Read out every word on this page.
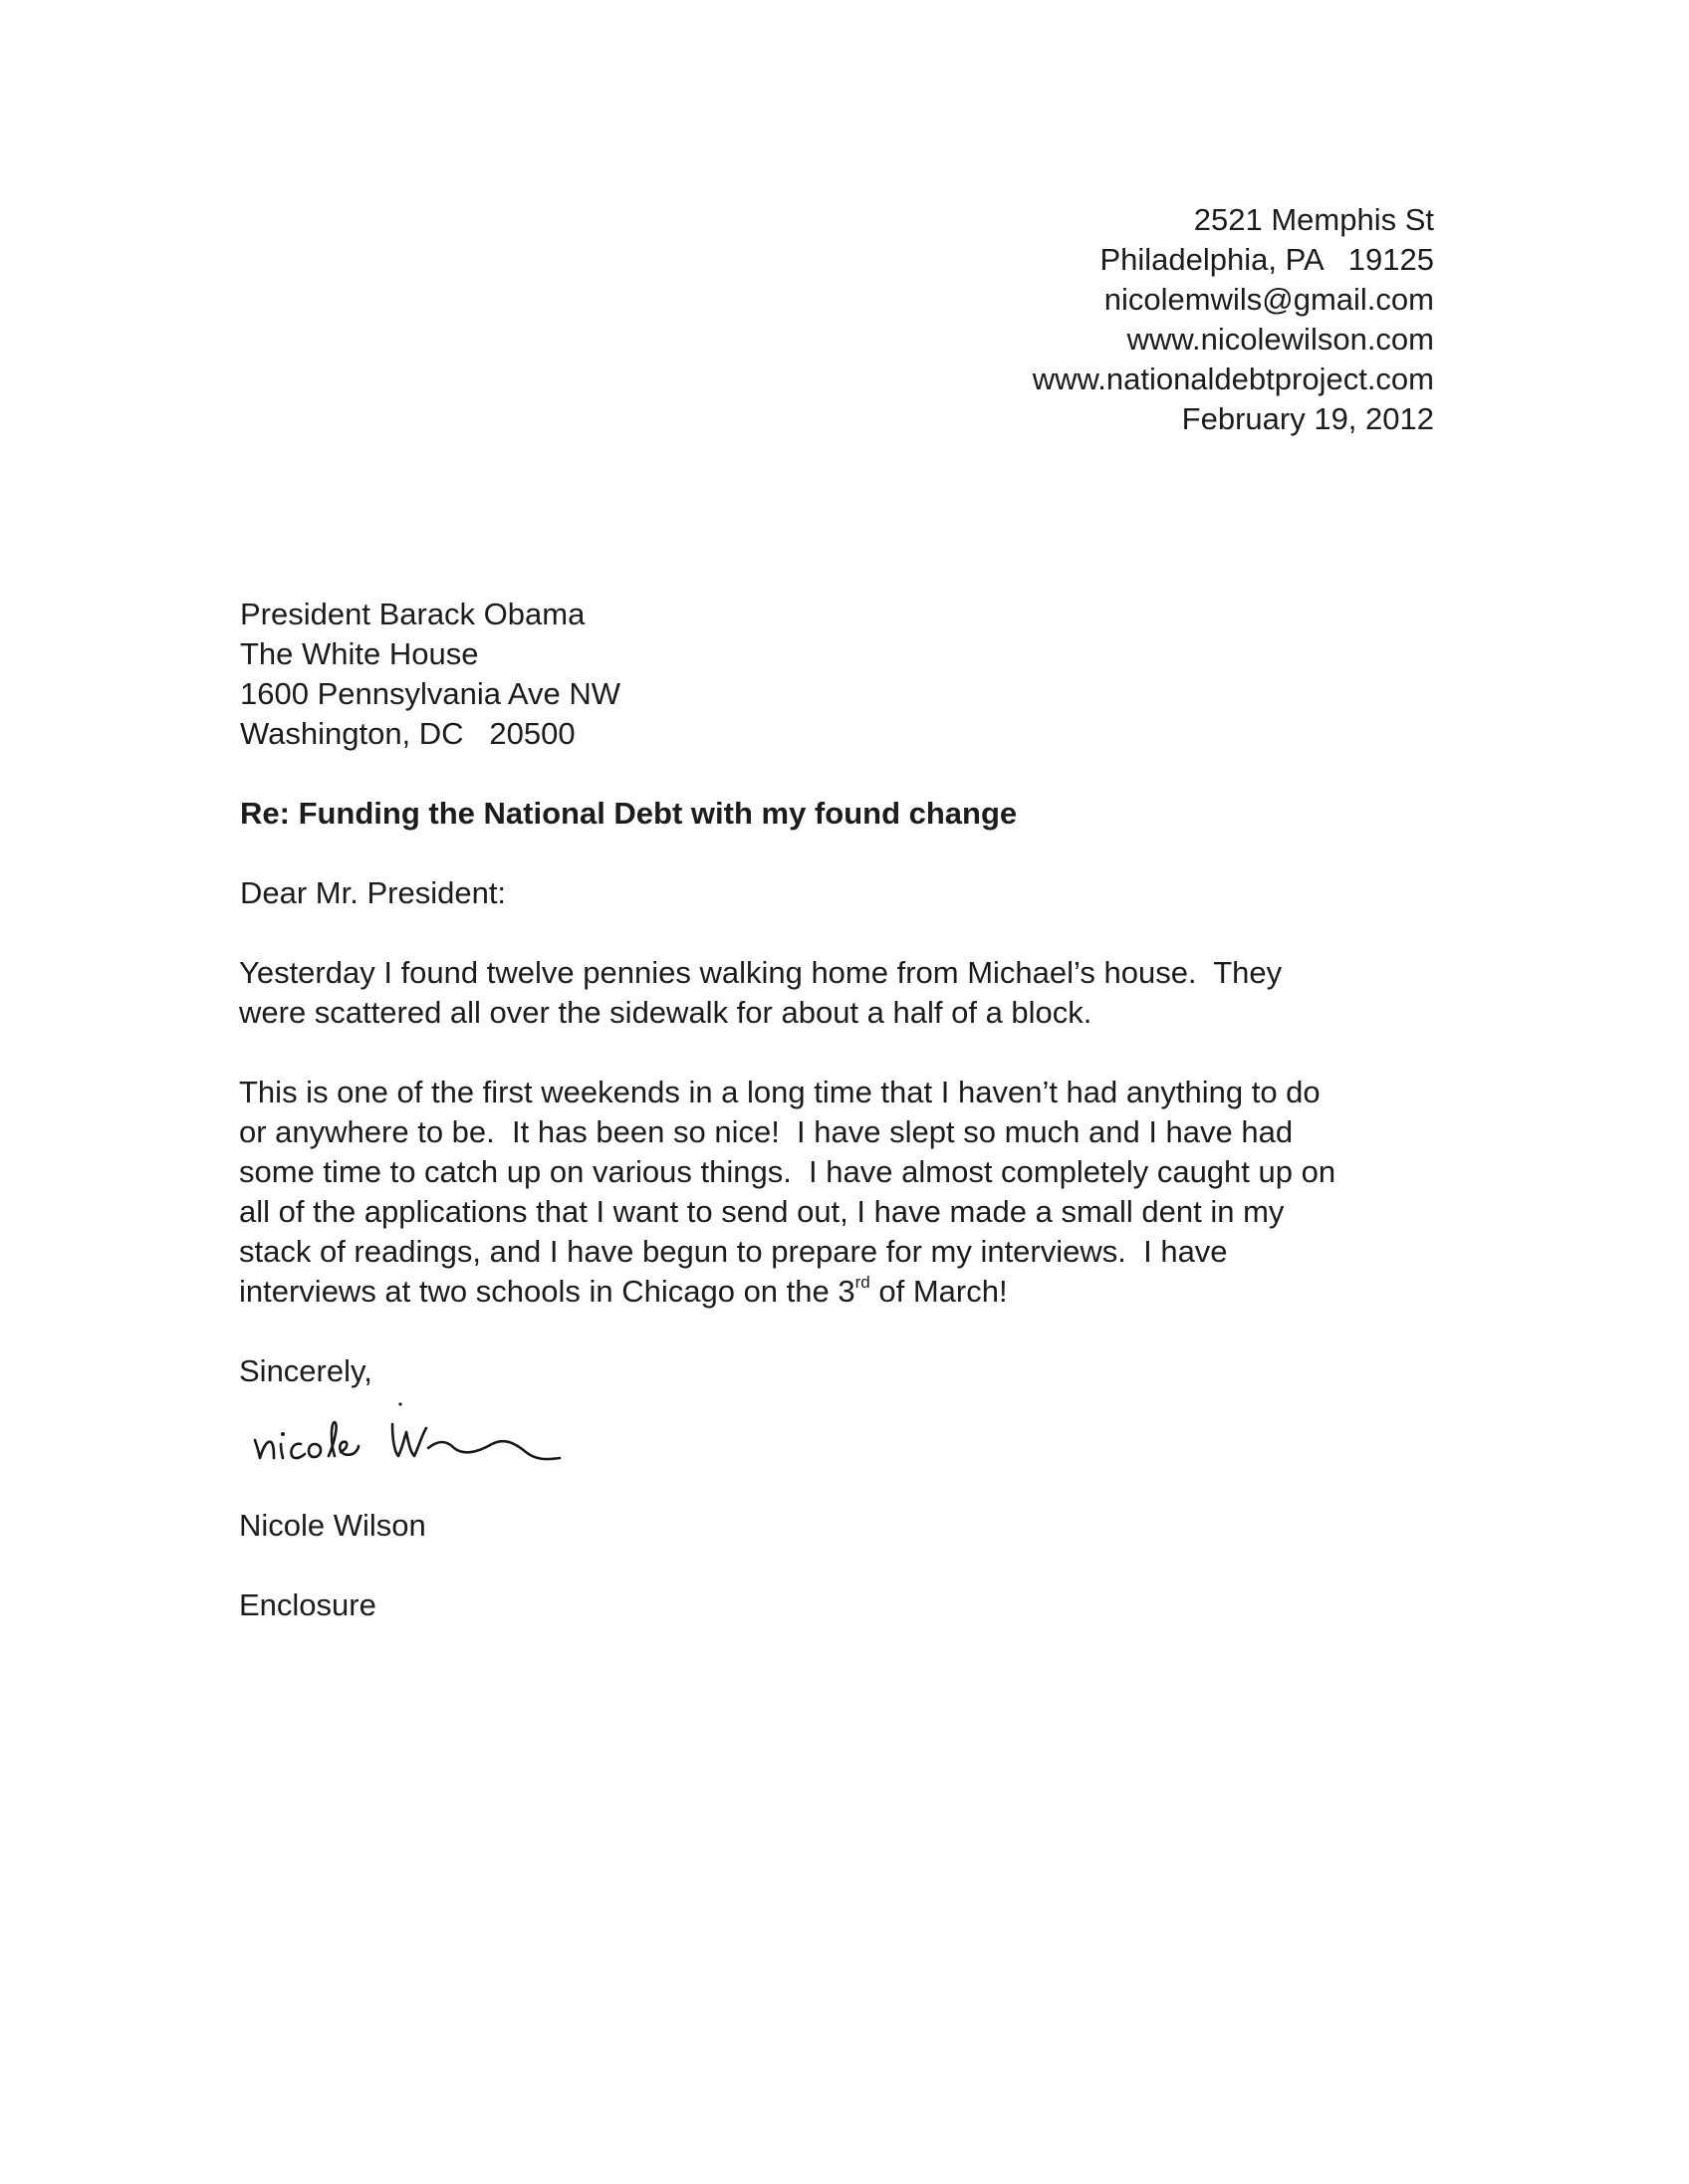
2521 Memphis St
Philadelphia, PA   19125
nicolemwils@gmail.com
www.nicolewilson.com
www.nationaldebtproject.com
February 19, 2012
President Barack Obama
The White House
1600 Pennsylvania Ave NW
Washington, DC   20500
Re: Funding the National Debt with my found change
Dear Mr. President:
Yesterday I found twelve pennies walking home from Michael’s house.  They
were scattered all over the sidewalk for about a half of a block.
This is one of the first weekends in a long time that I haven’t had anything to do
or anywhere to be.  It has been so nice!  I have slept so much and I have had
some time to catch up on various things.  I have almost completely caught up on
all of the applications that I want to send out, I have made a small dent in my
stack of readings, and I have begun to prepare for my interviews.  I have
interviews at two schools in Chicago on the 3rd of March!
Sincerely,
Nicole Wilson
Enclosure
